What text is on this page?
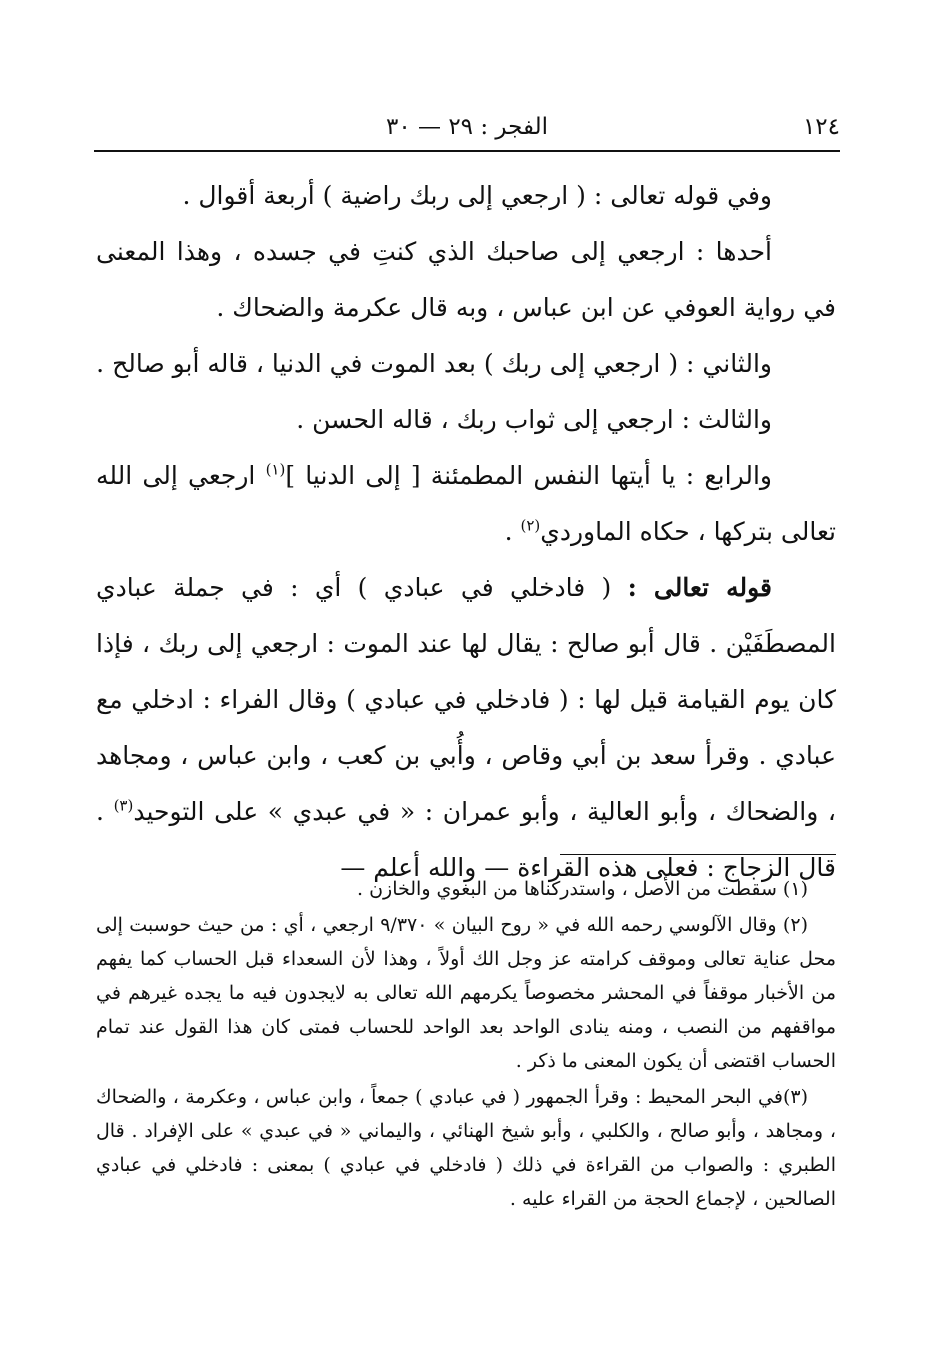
١٢٤
الفجر : ٢٩ — ٣٠

وفي قوله تعالى : ( ارجعي إلى ربك راضية ) أربعة أقوال .

أحدها : ارجعي إلى صاحبك الذي كنتِ في جسده ، وهذا المعنى في رواية العوفي عن ابن عباس ، وبه قال عكرمة والضحاك .

والثاني : ( ارجعي إلى ربك ) بعد الموت في الدنيا ، قاله أبو صالح .

والثالث : ارجعي إلى ثواب ربك ، قاله الحسن .

والرابع : يا أيتها النفس المطمئنة [ إلى الدنيا ]$^{(١)}$ ارجعي إلى الله تعالى بتركها ، حكاه الماوردي$^{(٢)}$ .

قوله تعالى : ( فادخلي في عبادي ) أي : في جملة عبادي المصطَفَيْن . قال أبو صالح : يقال لها عند الموت : ارجعي إلى ربك ، فإذا كان يوم القيامة قيل لها : ( فادخلي في عبادي ) وقال الفراء : ادخلي مع عبادي . وقرأ سعد بن أبي وقاص ، وأُبي بن كعب ، وابن عباس ، ومجاهد ، والضحاك ، وأبو العالية ، وأبو عمران : « في عبدي » على التوحيد$^{(٣)}$ . قال الزجاج : فعلى هذه القراءة — والله أعلم —

(١) سقطت من الأصل ، واستدركناها من البغوي والخازن .

(٢) وقال الآلوسي رحمه الله في « روح البيان » ٩/٣٧٠ ارجعي ، أي : من حيث حوسبت إلى محل عناية تعالى وموقف كرامته عز وجل الك أولاً ، وهذا لأن السعداء قبل الحساب كما يفهم من الأخبار موقفاً في المحشر مخصوصاً يكرمهم الله تعالى به لايجدون فيه ما يجده غيرهم في مواقفهم من النصب ، ومنه ينادى الواحد بعد الواحد للحساب فمتى كان هذا القول عند تمام الحساب اقتضى أن يكون المعنى ما ذكر .

(٣)في البحر المحيط : وقرأ الجمهور ( في عبادي ) جمعاً ، وابن عباس ، وعكرمة ، والضحاك ، ومجاهد ، وأبو صالح ، والكلبي ، وأبو شيخ الهنائي ، واليماني « في عبدي » على الإفراد . قال الطبري : والصواب من القراءة في ذلك ( فادخلي في عبادي ) بمعنى : فادخلي في عبادي الصالحين ، لإجماع الحجة من القراء عليه .
